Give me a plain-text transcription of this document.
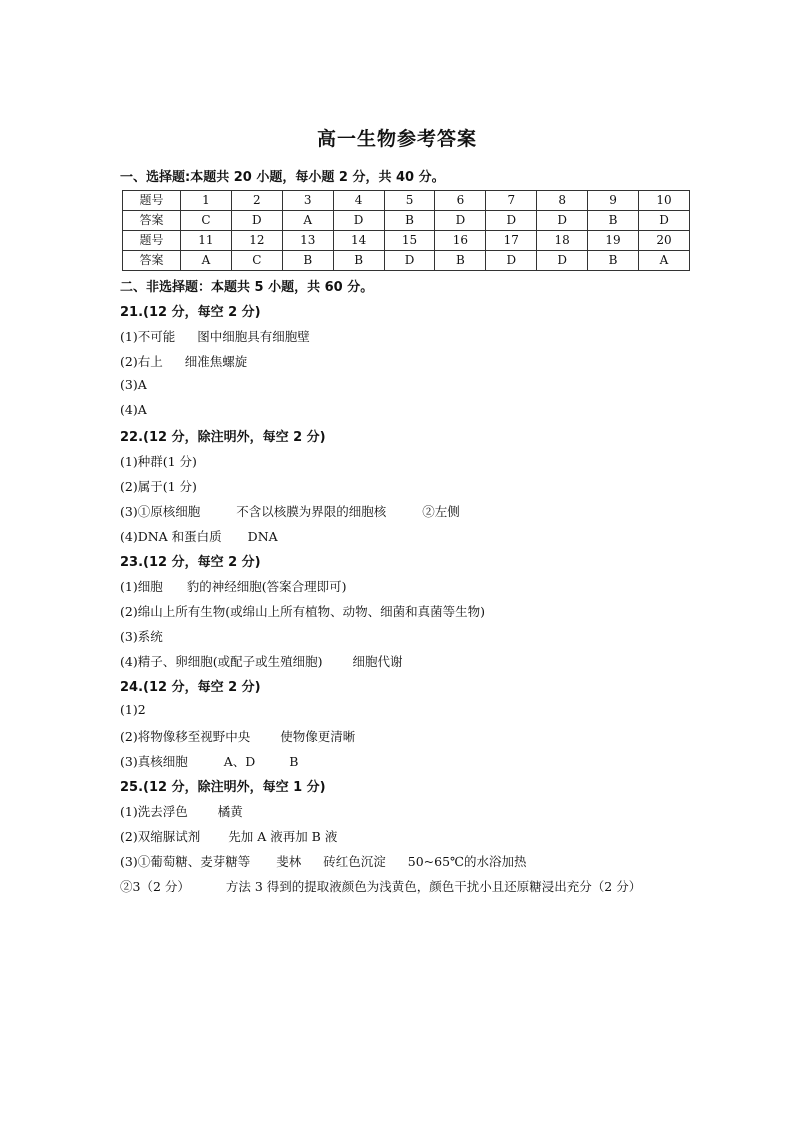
高一生物参考答案
一、选择题:本题共 20 小题，每小题 2 分，共 40 分。
题号	1	2	3	4	5	6	7	8	9	10
答案	C	D	A	D	B	D	D	D	B	D
题号	11	12	13	14	15	16	17	18	19	20
答案	A	C	B	B	D	B	D	D	B	A
二、非选择题：本题共 5 小题，共 60 分。
21.(12 分，每空 2 分)
(1)不可能 图中细胞具有细胞壁
(2)右上 细准焦螺旋
(3)A
(4)A
22.(12 分，除注明外，每空 2 分)
(1)种群(1 分)
(2)属于(1 分)
(3)①原核细胞	不含以核膜为界限的细胞核	②左侧
(4)DNA 和蛋白质 DNA
23.(12 分，每空 2 分)
(1)细胞 豹的神经细胞(答案合理即可)
(2)绵山上所有生物(或绵山上所有植物、动物、细菌和真菌等生物)
(3)系统
(4)精子、卵细胞(或配子或生殖细胞) 细胞代谢
24.(12 分，每空 2 分)
(1)2
(2)将物像移至视野中央 使物像更清晰
(3)真核细胞	A、D	B
25.(12 分，除注明外，每空 1 分)
(1)洗去浮色 橘黄
(2)双缩脲试剂 先加 A 液再加 B 液
(3)①葡萄糖、麦芽糖等 斐林 砖红色沉淀 50~65℃的水浴加热
②3（2 分）	方法 3 得到的提取液颜色为浅黄色，颜色干扰小且还原糖浸出充分（2 分）
